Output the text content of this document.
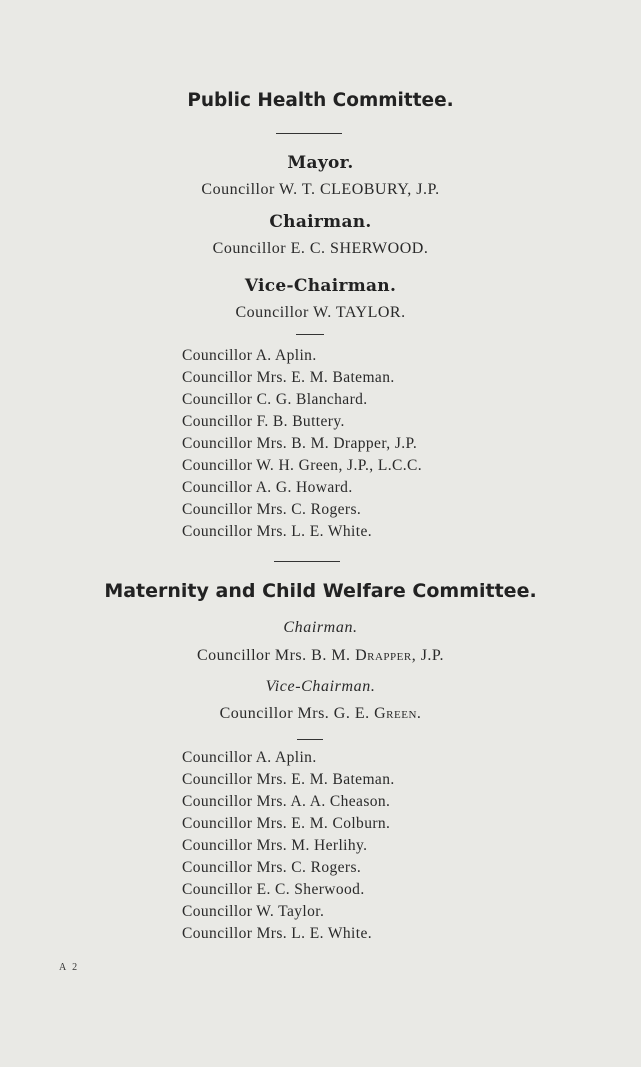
Public Health Committee.
Mayor.
Councillor W. T. CLEOBURY, J.P.
Chairman.
Councillor E. C. SHERWOOD.
Vice-Chairman.
Councillor W. TAYLOR.
Councillor A. Aplin.
Councillor Mrs. E. M. Bateman.
Councillor C. G. Blanchard.
Councillor F. B. Buttery.
Councillor Mrs. B. M. Drapper, J.P.
Councillor W. H. Green, J.P., L.C.C.
Councillor A. G. Howard.
Councillor Mrs. C. Rogers.
Councillor Mrs. L. E. White.
Maternity and Child Welfare Committee.
Chairman.
Councillor Mrs. B. M. Drapper, J.P.
Vice-Chairman.
Councillor Mrs. G. E. Green.
Councillor A. Aplin.
Councillor Mrs. E. M. Bateman.
Councillor Mrs. A. A. Cheason.
Councillor Mrs. E. M. Colburn.
Councillor Mrs. M. Herlihy.
Councillor Mrs. C. Rogers.
Councillor E. C. Sherwood.
Councillor W. Taylor.
Councillor Mrs. L. E. White.
A 2
